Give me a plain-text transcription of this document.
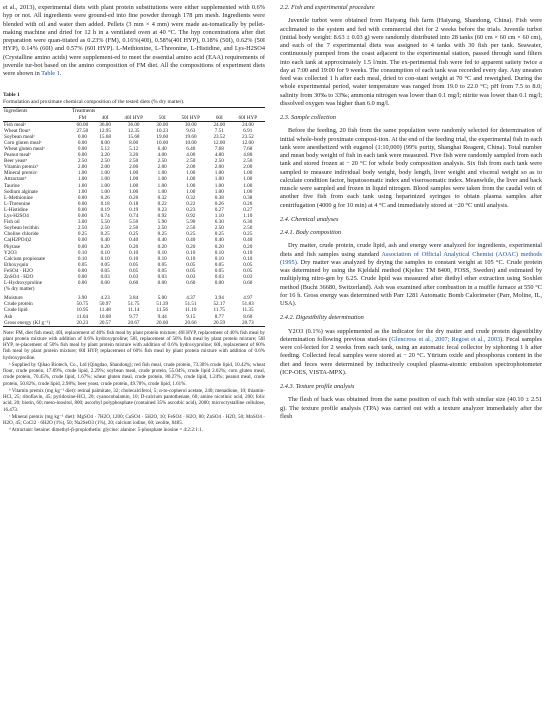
et al., 2013), experimental diets with plant protein substitutions were either supplemented with 0.6% hyp or not. All ingredients were ground-ed into fine powder through 178 µm mesh. Ingredients were blended with oil and water then added. Pellets (3 mm × 4 mm) were made au-tomatically by pellet-making machine and dried for 12 h in a ventilated oven at 40 °C. The hyp concentrations after diet preparation were quan-titated as 0.23% (FM), 0.16%(40I), 0.58%(40I HYP), 0.18% (50I), 0.62% (50I HYP), 0.14% (60I) and 0.57% (60I HYP). L-Methionine, L-Threonine, L-Histidine, and Lys-H2SO4 (Crystalline amino acids) were supplement-ed to meet the essential amino acid (EAA) requirements of juvenile tur-bot based on the amino composition of FM diet. All the compositions of experiment diets were shown in Table 1.

Table 1
Formulation and proximate chemical composition of the tested diets (% dry matter).
Ingredients	Treatments						
	FM	40I	40I HYP	50I	50I HYP	60I	60I HYP
Fish mealᵃ	60.00	36.00	36.00	30.00	30.00	24.00	24.00
Wheat flourᵃ	27.50	12.95	12.35	10.23	9.63	7.51	6.91
Soybean mealᵃ	0.00	15.68	15.68	19.60	19.60	23.52	23.52
Corn gluten mealᵃ	0.00	8.00	8.00	10.00	10.00	12.00	12.00
Wheat gluten mealᵃ	0.00	5.12	5.12	6.40	6.40	7.68	7.68
Peanut mealᵃ	0.00	3.20	3.20	4.00	4.00	4.80	4.80
Beer yeastᵃ	2.50	2.50	2.50	2.50	2.50	2.50	2.50
Vitamin premixᵇ	2.00	2.00	2.00	2.00	2.00	2.00	2.00
Mineral premixᶜ	1.00	1.00	1.00	1.00	1.00	1.00	1.00
Attractantᵈ	1.00	1.00	1.00	1.00	1.00	1.00	1.00
Taurine	1.00	1.00	1.00	1.00	1.00	1.00	1.00
Sodium alginate	1.00	1.00	1.00	1.00	1.00	1.00	1.00
L-Methionine	0.00	0.26	0.26	0.32	0.32	0.38	0.38
L-Threonine	0.00	0.18	0.18	0.22	0.22	0.26	0.26
L-Histidine	0.00	0.19	0.19	0.23	0.23	0.27	0.27
Lys-H2SO4	0.00	0.74	0.74	0.92	0.92	1.10	1.10
Fish oil	3.00	5.50	5.50	5.90	5.90	6.30	6.30
Soybean lecithin	2.50	2.50	2.50	2.50	2.50	2.50	2.50
Choline chloride	0.25	0.25	0.25	0.25	0.25	0.25	0.25
Ca(H2PO4)2	0.00	0.40	0.40	0.40	0.40	0.40	0.40
Phytase	0.00	0.20	0.20	0.20	0.20	0.20	0.20
Y2O3	0.10	0.10	0.10	0.10	0.10	0.10	0.10
Calcium propionate	0.10	0.10	0.10	0.10	0.10	0.10	0.10
Ethoxyquin	0.05	0.05	0.05	0.05	0.05	0.05	0.05
FeSO4 · H2O	0.00	0.05	0.05	0.05	0.05	0.05	0.05
ZnSO4 · H2O	0.00	0.03	0.03	0.03	0.03	0.03	0.03
L-Hydroxyproline	0.00	0.00	0.60	0.00	0.60	0.00	0.60
(% dry matter)							
Moisture	3.90	4.23	3.84	5.00	4.37	3.94	4.97
Crude protein	50.75	50.97	51.75	51.39	51.51	52.17	51.83
Crude lipid	10.95	11.48	11.14	11.56	11.10	11.75	11.35
Ash	11.64	10.08	9.77	9.44	9.15	8.77	8.60
Gross energy (KJ g⁻¹)	20.23	20.57	20.67	20.60	20.66	20.59	20.73

Note: FM, diet fish meal; 40I, replacement of 40% fish meal by plant protein mixture; 40I HYP, replacement of 40% fish meal by plant protein mixture with addition of 0.6% hydroxyproline; 50I, replacement of 50% fish meal by plant protein mixture; 50I HYP, re-placement of 50% fish meal by plant protein mixture with addition of 0.6% hydroxyproline; 60I, replacement of 60% fish meal by plant protein mixture; 60I HYP, replacement of 60% fish meal by plant protein mixture with addition of 0.6% hydroxyproline.

ᵃ Supplied by Qihao Biotech, Co., Ltd (Qingdao, Shandong); red fish meal, crude protein, 73.38% crude lipid, 10.42%; wheat flour, crude protein, 17.09%, crude lipid, 2.29%; soybean meal, crude protein, 55.04%, crude lipid 2.02%; corn gluten meal, crude protein, 70.45%, crude lipid, 1.67%; wheat gluten meal, crude protein, 80.27%, crude lipid, 1.24%; peanut meal, crude protein, 50.82%, crude lipid, 2.98%; beer yeast, crude protein, 49.78%, crude lipid, 1.61%.

ᵇ Vitamin premix (mg kg⁻¹ diet): retinal palmitate, 32; cholecalciferol, 5; α-to-copherol acetate, 240; menadione, 10; thiamin-HCl, 25; riboflavin, 45; pyridoxine-HCl, 20; cyanocobalamin, 10; D-calcium pantothenate, 60; amine nicotinic acid, 200; folic acid, 20; biotin, 60; meso-inositol, 800; ascorbyl polyphosphate (contained 35% ascorbic acid), 2000; microcrystalline cellulose, 16.473.

ᶜ Mineral premix (mg kg⁻¹ diet): MgSO4 · 7H2O, 1200; CuSO4 · 5H2O, 10; FeSO4 · H2O, 80; ZnSO4 · H2O, 50; MnSO4 · H2O, 45; CoCl2 · 6H2O (1%), 50; Na2SeO3 (1%), 20; calcium iodine, 60; zeolite, 8485.

ᵈ Attractant: betaine: dimethyl-β-propiothetin: glycine: alanine: 5-phosphate inosine = 4:2:2:1:1.

2.2. Fish and experimental procedure

Juvenile turbot were obtained from Haiyang fish farm (Haiyang, Shandong, China). Fish were acclimated to the system and fed with commercial diet for 2 weeks before the trials. Juvenile turbot (initial body weight: 8.63 ± 0.03 g) were randomly distributed into 28 tanks (60 cm × 60 cm × 60 cm), and each of the 7 experimental diets was assigned to 4 tanks with 30 fish per tank. Seawater, continuously pumped from the coast adjacent to the experimental station, passed through sand filters into each tank at approximately 1.5 l/min. The ex-perimental fish were fed to apparent satiety twice a day at 7:00 and 19:00 for 9 weeks. The consumption of each tank was recorded every day. Any uneaten feed was collected 1 h after each meal, dried to con-stant weight at 70 °C and reweighed. During the whole experimental period, water temperature was ranged from 19.0 to 22.0 °C; pH from 7.5 to 8.0; salinity from 30‰ to 33‰; ammonia nitrogen was lower than 0.1 mg/l; nitrite was lower than 0.1 mg/l; dissolved oxygen was higher than 6.0 mg/l.

2.3. Sample collection

Before the feeding, 20 fish from the same population were randomly selected for determination of initial whole-body proximate composi-tion. At the end of the feeding trial, the experimental fish in each tank were anesthetized with eugenol (1:10,000) (99% purity, Shanghai Reagent, China). Total number and mean body weight of fish in each tank were measured. Five fish were randomly sampled from each tank and stored frozen at − 20 °C for whole body composition analysis. Six fish from each tank were sampled to measure individual body weight, body length, liver weight and visceral weight so as to calculate condition factor, hepatosomatic index and viserosomatic index. Meanwhile, the liver and back muscle were sampled and frozen in liquid nitrogen. Blood samples were taken from the caudal vein of another five fish from each tank using heparinized syringes to obtain plasma samples after centrifugation (4000 g for 10 min) at 4 °C and immediately stored at −20 °C until analysis.

2.4. Chemical analyses
2.4.1. Body composition

Dry matter, crude protein, crude lipid, ash and energy were analyzed for ingredients, experimental diets and fish samples using standard Association of Official Analytical Chemist (AOAC) methods (1995). Dry matter was analyzed by drying the samples to constant weight at 105 °C. Crude protein was determined by using the Kjeldahl method (Kjeltec TM 8400, FOSS, Sweden) and estimated by multiplying nitro-gen by 6.25. Crude lipid was measured after diethyl ether extraction using Soxhlet method (Buchi 36680, Switzerland). Ash was examined after combustion in a muffle furnace at 550 °C for 16 h. Gross energy was determined with Parr 1281 Automatic Bomb Calorimeter (Parr, Moline, IL, USA).

2.4.2. Digestibility determination

Y2O3 (0.1%) was supplemented as the indicator for the dry matter and crude protein digestibility determination following previous stud-ies (Glencross et al., 2007; Regost et al., 2003). Fecal samples were col-lected for 2 weeks from each tank, using an automatic fecal collector by siphoning 1 h after feeding. Collected fecal samples were stored at − 20 °C. Yttrium oxide and phosphorus content in the diet and feces were determined by inductively coupled plasma-atomic emission spectrophotometer (ICP-OES, VISTA-MPX).

2.4.3. Texture profile analysis

The flesh of back was obtained from the same position of each fish with similar size (40.10 ± 2.51 g). The texture profile analysis (TPA) was carried out with a texture analyzer immediately after the flesh
